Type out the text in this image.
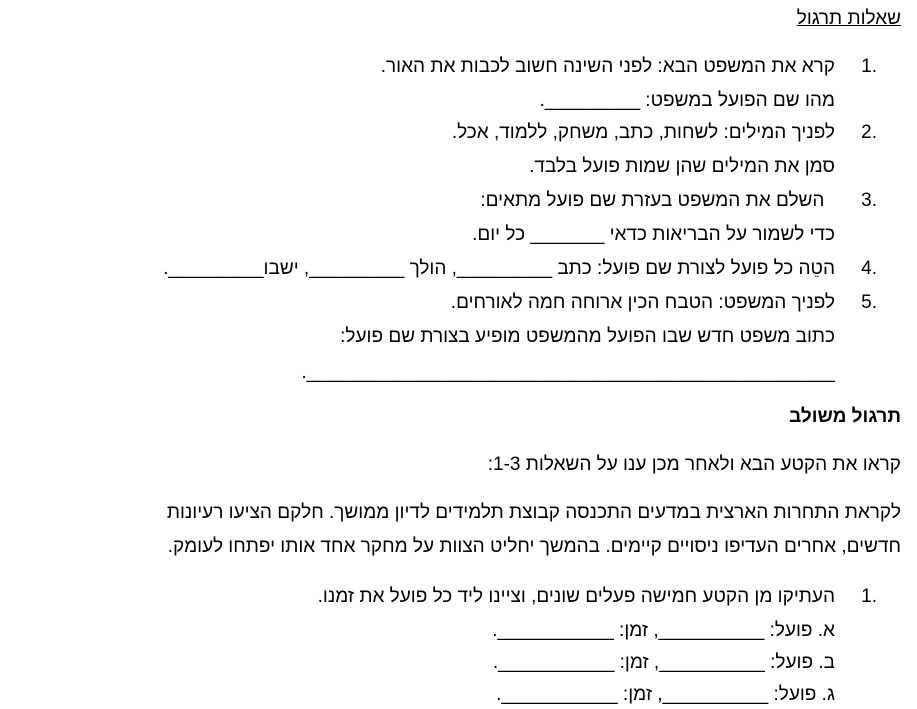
שאלות תרגול
.1קרא את המשפט הבא: לפני השינה חשוב לכבות את האור.
מהו שם הפועל במשפט: _________.
.2לפניך המילים: לשחות, כתב, משחק, ללמוד, אכל.
סמן את המילים שהן שמות פועל בלבד.
.3  השלם את המשפט בעזרת שם פועל מתאים:
כדי לשמור על הבריאות כדאי _______ כל יום.
.4הטֵה כל פועל לצורת שם פועל: כתב _________, הולך _________, ישבו_________.
.5לפניך המשפט: הטבח הכין ארוחה חמה לאורחים.
כתוב משפט חדש שבו הפועל מהמשפט מופיע בצורת שם פועל:
__________________________________________________.
תרגול משולב
קראו את הקטע הבא ולאחר מכן ענו על השאלות 1-3:
לקראת התחרות הארצית במדעים התכנסה קבוצת תלמידים לדיון ממושך. חלקם הציעו רעיונות
חדשים, אחרים העדיפו ניסויים קיימים. בהמשך יחליט הצוות על מחקר אחד אותו יפתחו לעומק.
.1העתיקו מן הקטע חמישה פעלים שונים, וציינו ליד כל פועל את זמנו.
א. פועל: __________, זמן: ___________.
ב. פועל: __________, זמן: ___________.
ג. פועל: __________, זמן: ___________.
